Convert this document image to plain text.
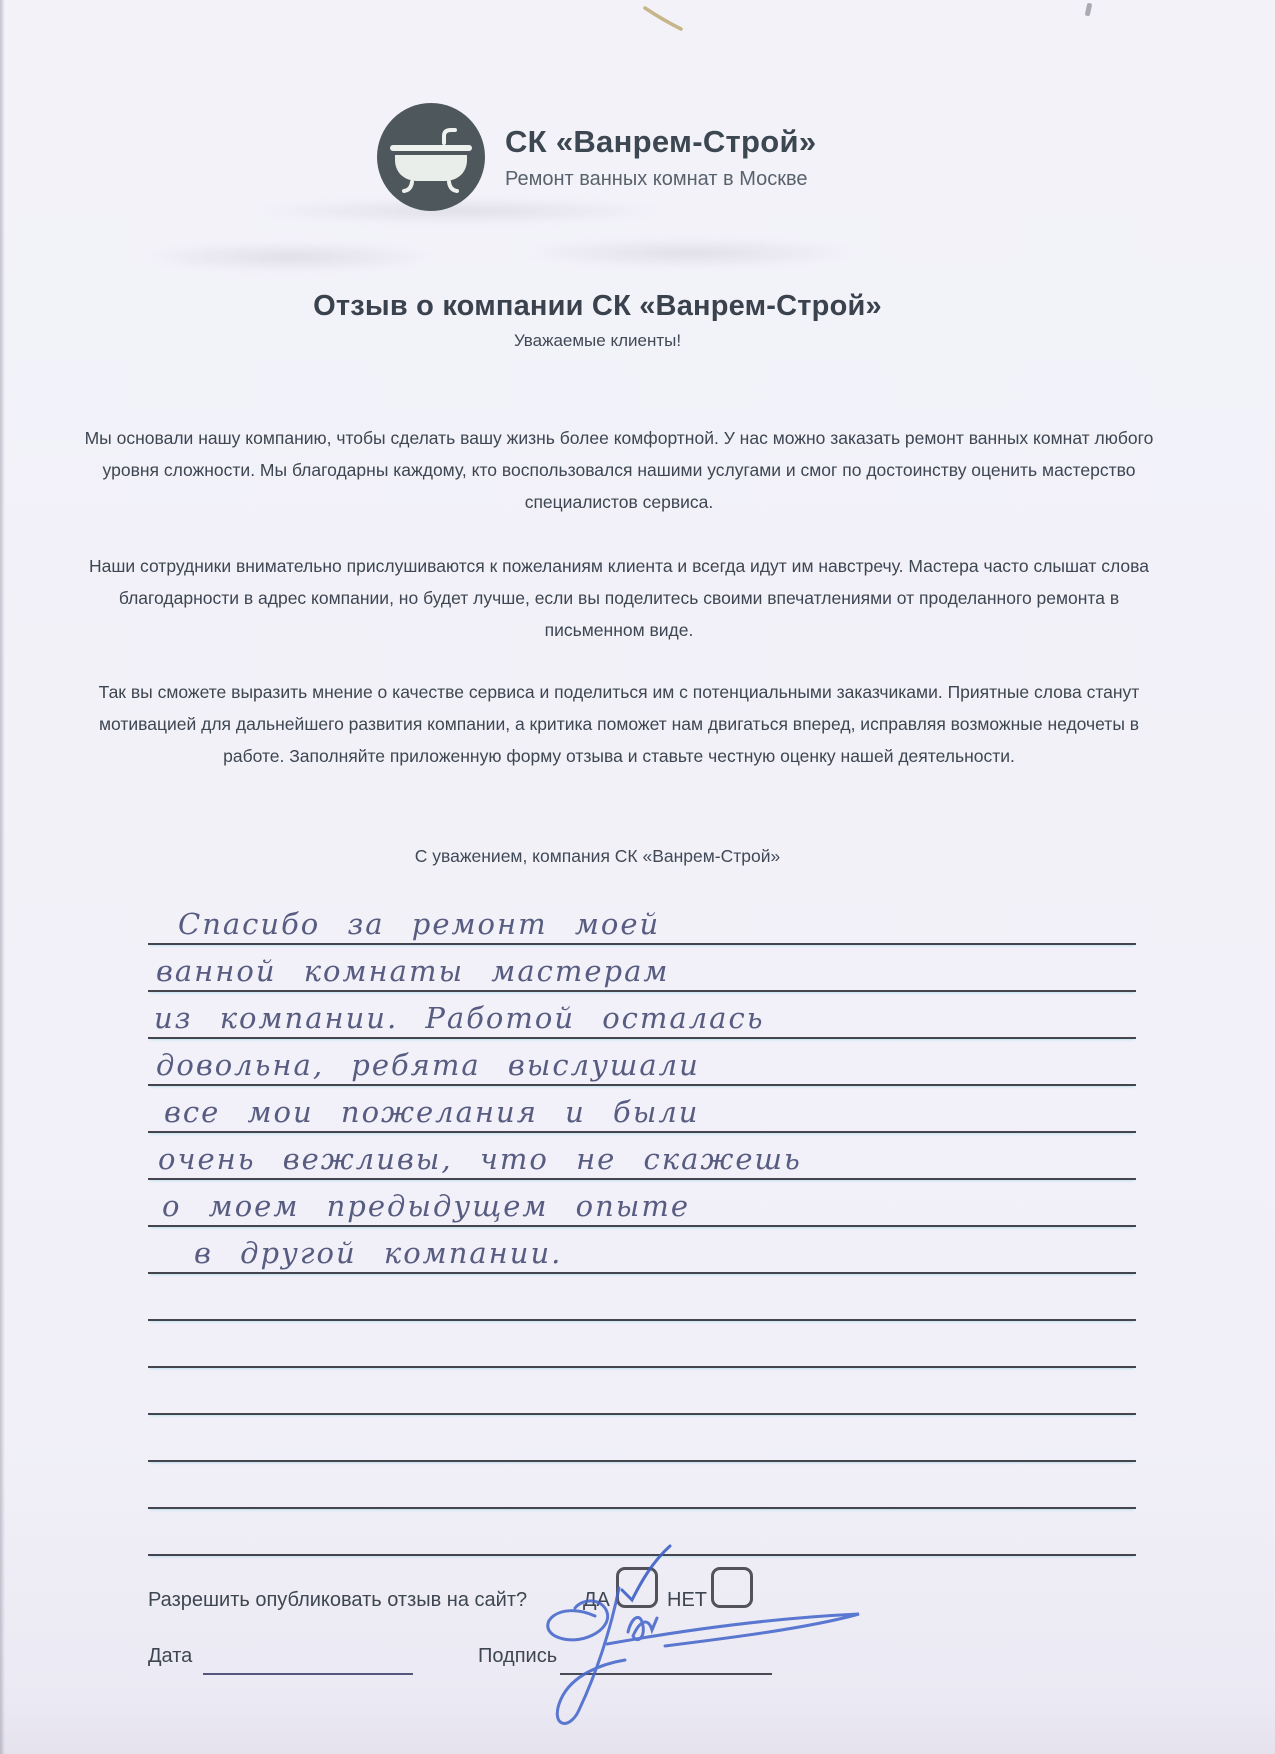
СК «Ванрем-Строй»
Ремонт ванных комнат в Москве
Отзыв о компании СК «Ванрем-Строй»
Уважаемые клиенты!

Мы основали нашу компанию, чтобы сделать вашу жизнь более комфортной. У нас можно заказать ремонт ванных комнат любого уровня сложности. Мы благодарны каждому, кто воспользовался нашими услугами и смог по достоинству оценить мастерство специалистов сервиса.

Наши сотрудники внимательно прислушиваются к пожеланиям клиента и всегда идут им навстречу. Мастера часто слышат слова благодарности в адрес компании, но будет лучше, если вы поделитесь своими впечатлениями от проделанного ремонта в письменном виде.

Так вы сможете выразить мнение о качестве сервиса и поделиться им с потенциальными заказчиками. Приятные слова станут мотивацией для дальнейшего развития компании, а критика поможет нам двигаться вперед, исправляя возможные недочеты в работе. Заполняйте приложенную форму отзыва и ставьте честную оценку нашей деятельности.

С уважением, компания СК «Ванрем-Строй»
Спасибо за ремонт моей
ванной комнаты мастерам
из компании. Работой осталась
довольна, ребята выслушали
все мои пожелания и были
очень вежливы, что не скажешь
о моем предыдущем опыте
в другой компании.
Разрешить опубликовать отзыв на сайт?	ДА	НЕТ
Дата	Подпись
